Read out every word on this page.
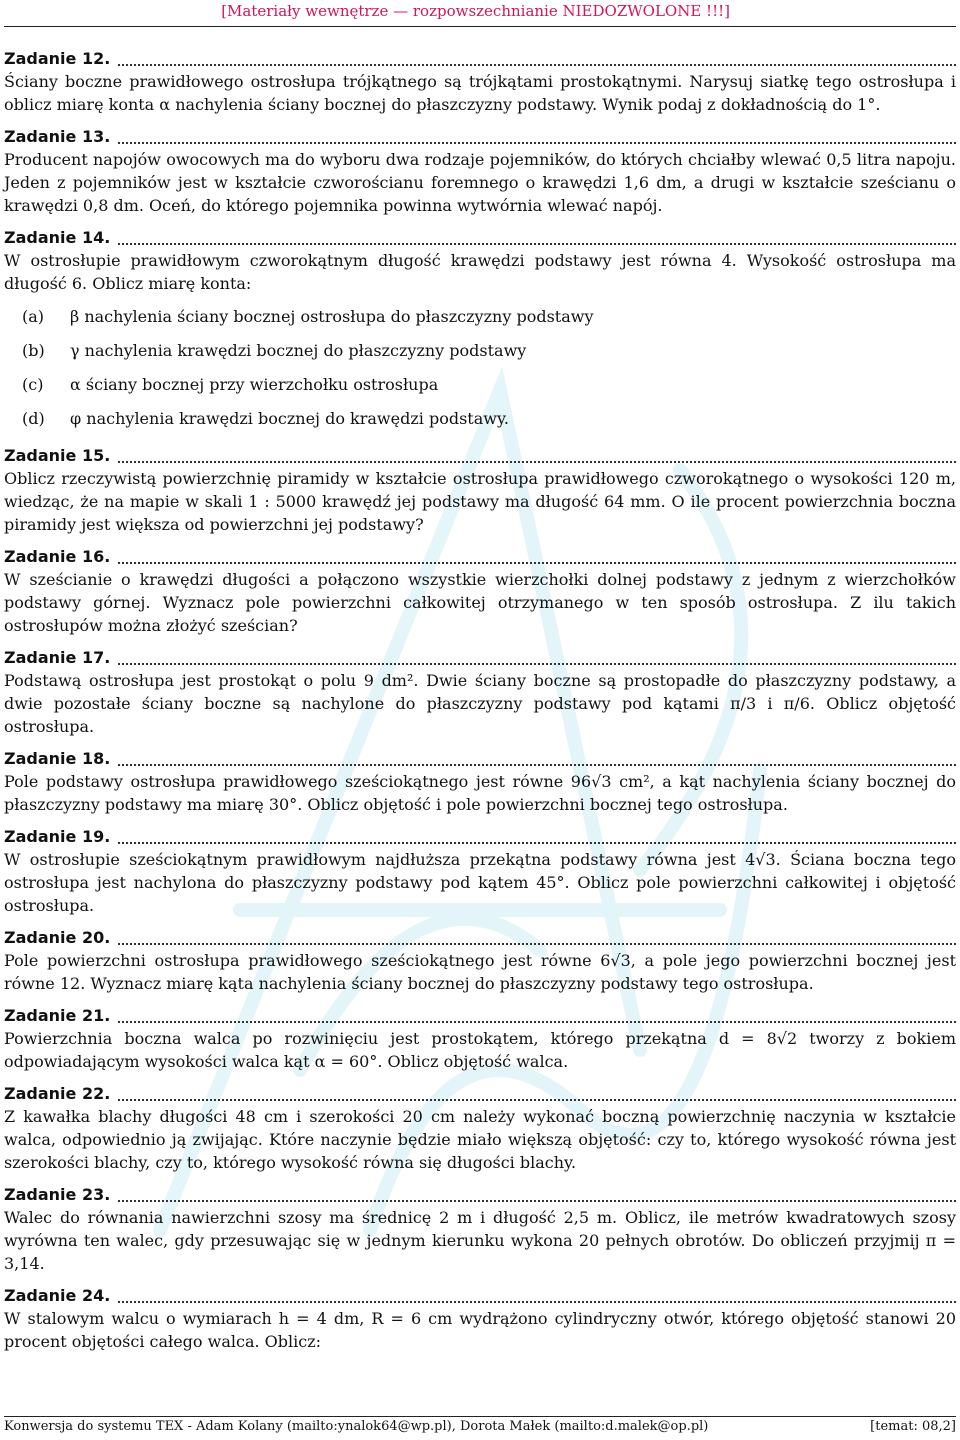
[Materiały wewnętrze — rozpowszechnianie NIEDOZWOLONE !!!]
Zadanie 12.
Ściany boczne prawidłowego ostrosłupa trójkątnego są trójkątami prostokątnymi. Narysuj siatkę tego ostrosłupa i oblicz miarę konta α nachylenia ściany bocznej do płaszczyzny podstawy. Wynik podaj z dokładnością do 1°.
Zadanie 13.
Producent napojów owocowych ma do wyboru dwa rodzaje pojemników, do których chciałby wlewać 0,5 litra napoju. Jeden z pojemników jest w kształcie czworościanu foremnego o krawędzi 1,6 dm, a drugi w kształcie sześcianu o krawędzi 0,8 dm. Oceń, do którego pojemnika powinna wytwórnia wlewać napój.
Zadanie 14.
W ostrosłupie prawidłowym czworokątnym długość krawędzi podstawy jest równa 4. Wysokość ostrosłupa ma długość 6. Oblicz miarę konta:
(a)	β nachylenia ściany bocznej ostrosłupa do płaszczyzny podstawy
(b)	γ nachylenia krawędzi bocznej do płaszczyzny podstawy
(c)	α ściany bocznej przy wierzchołku ostrosłupa
(d)	φ nachylenia krawędzi bocznej do krawędzi podstawy.
Zadanie 15.
Oblicz rzeczywistą powierzchnię piramidy w kształcie ostrosłupa prawidłowego czworokątnego o wysokości 120 m, wiedząc, że na mapie w skali 1 : 5000 krawędź jej podstawy ma długość 64 mm. O ile procent powierzchnia boczna piramidy jest większa od powierzchni jej podstawy?
Zadanie 16.
W sześcianie o krawędzi długości a połączono wszystkie wierzchołki dolnej podstawy z jednym z wierzchołków podstawy górnej. Wyznacz pole powierzchni całkowitej otrzymanego w ten sposób ostrosłupa. Z ilu takich ostrosłupów można złożyć sześcian?
Zadanie 17.
Podstawą ostrosłupa jest prostokąt o polu 9 dm². Dwie ściany boczne są prostopadłe do płaszczyzny podstawy, a dwie pozostałe ściany boczne są nachylone do płaszczyzny podstawy pod kątami π/3 i π/6. Oblicz objętość ostrosłupa.
Zadanie 18.
Pole podstawy ostrosłupa prawidłowego sześciokątnego jest równe 96√3 cm², a kąt nachylenia ściany bocznej do płaszczyzny podstawy ma miarę 30°. Oblicz objętość i pole powierzchni bocznej tego ostrosłupa.
Zadanie 19.
W ostrosłupie sześciokątnym prawidłowym najdłuższa przekątna podstawy równa jest 4√3. Ściana boczna tego ostrosłupa jest nachylona do płaszczyzny podstawy pod kątem 45°. Oblicz pole powierzchni całkowitej i objętość ostrosłupa.
Zadanie 20.
Pole powierzchni ostrosłupa prawidłowego sześciokątnego jest równe 6√3, a pole jego powierzchni bocznej jest równe 12. Wyznacz miarę kąta nachylenia ściany bocznej do płaszczyzny podstawy tego ostrosłupa.
Zadanie 21.
Powierzchnia boczna walca po rozwinięciu jest prostokątem, którego przekątna d = 8√2 tworzy z bokiem odpowiadającym wysokości walca kąt α = 60°. Oblicz objętość walca.
Zadanie 22.
Z kawałka blachy długości 48 cm i szerokości 20 cm należy wykonać boczną powierzchnię naczynia w kształcie walca, odpowiednio ją zwijając. Które naczynie będzie miało większą objętość: czy to, którego wysokość równa jest szerokości blachy, czy to, którego wysokość równa się długości blachy.
Zadanie 23.
Walec do równania nawierzchni szosy ma średnicę 2 m i długość 2,5 m. Oblicz, ile metrów kwadratowych szosy wyrówna ten walec, gdy przesuwając się w jednym kierunku wykona 20 pełnych obrotów. Do obliczeń przyjmij π = 3,14.
Zadanie 24.
W stalowym walcu o wymiarach h = 4 dm, R = 6 cm wydrążono cylindryczny otwór, którego objętość stanowi 20 procent objętości całego walca. Oblicz:
Konwersja do systemu TEX - Adam Kolany (mailto:ynalok64@wp.pl), Dorota Małek (mailto:d.malek@op.pl)	[temat: 08,2]
